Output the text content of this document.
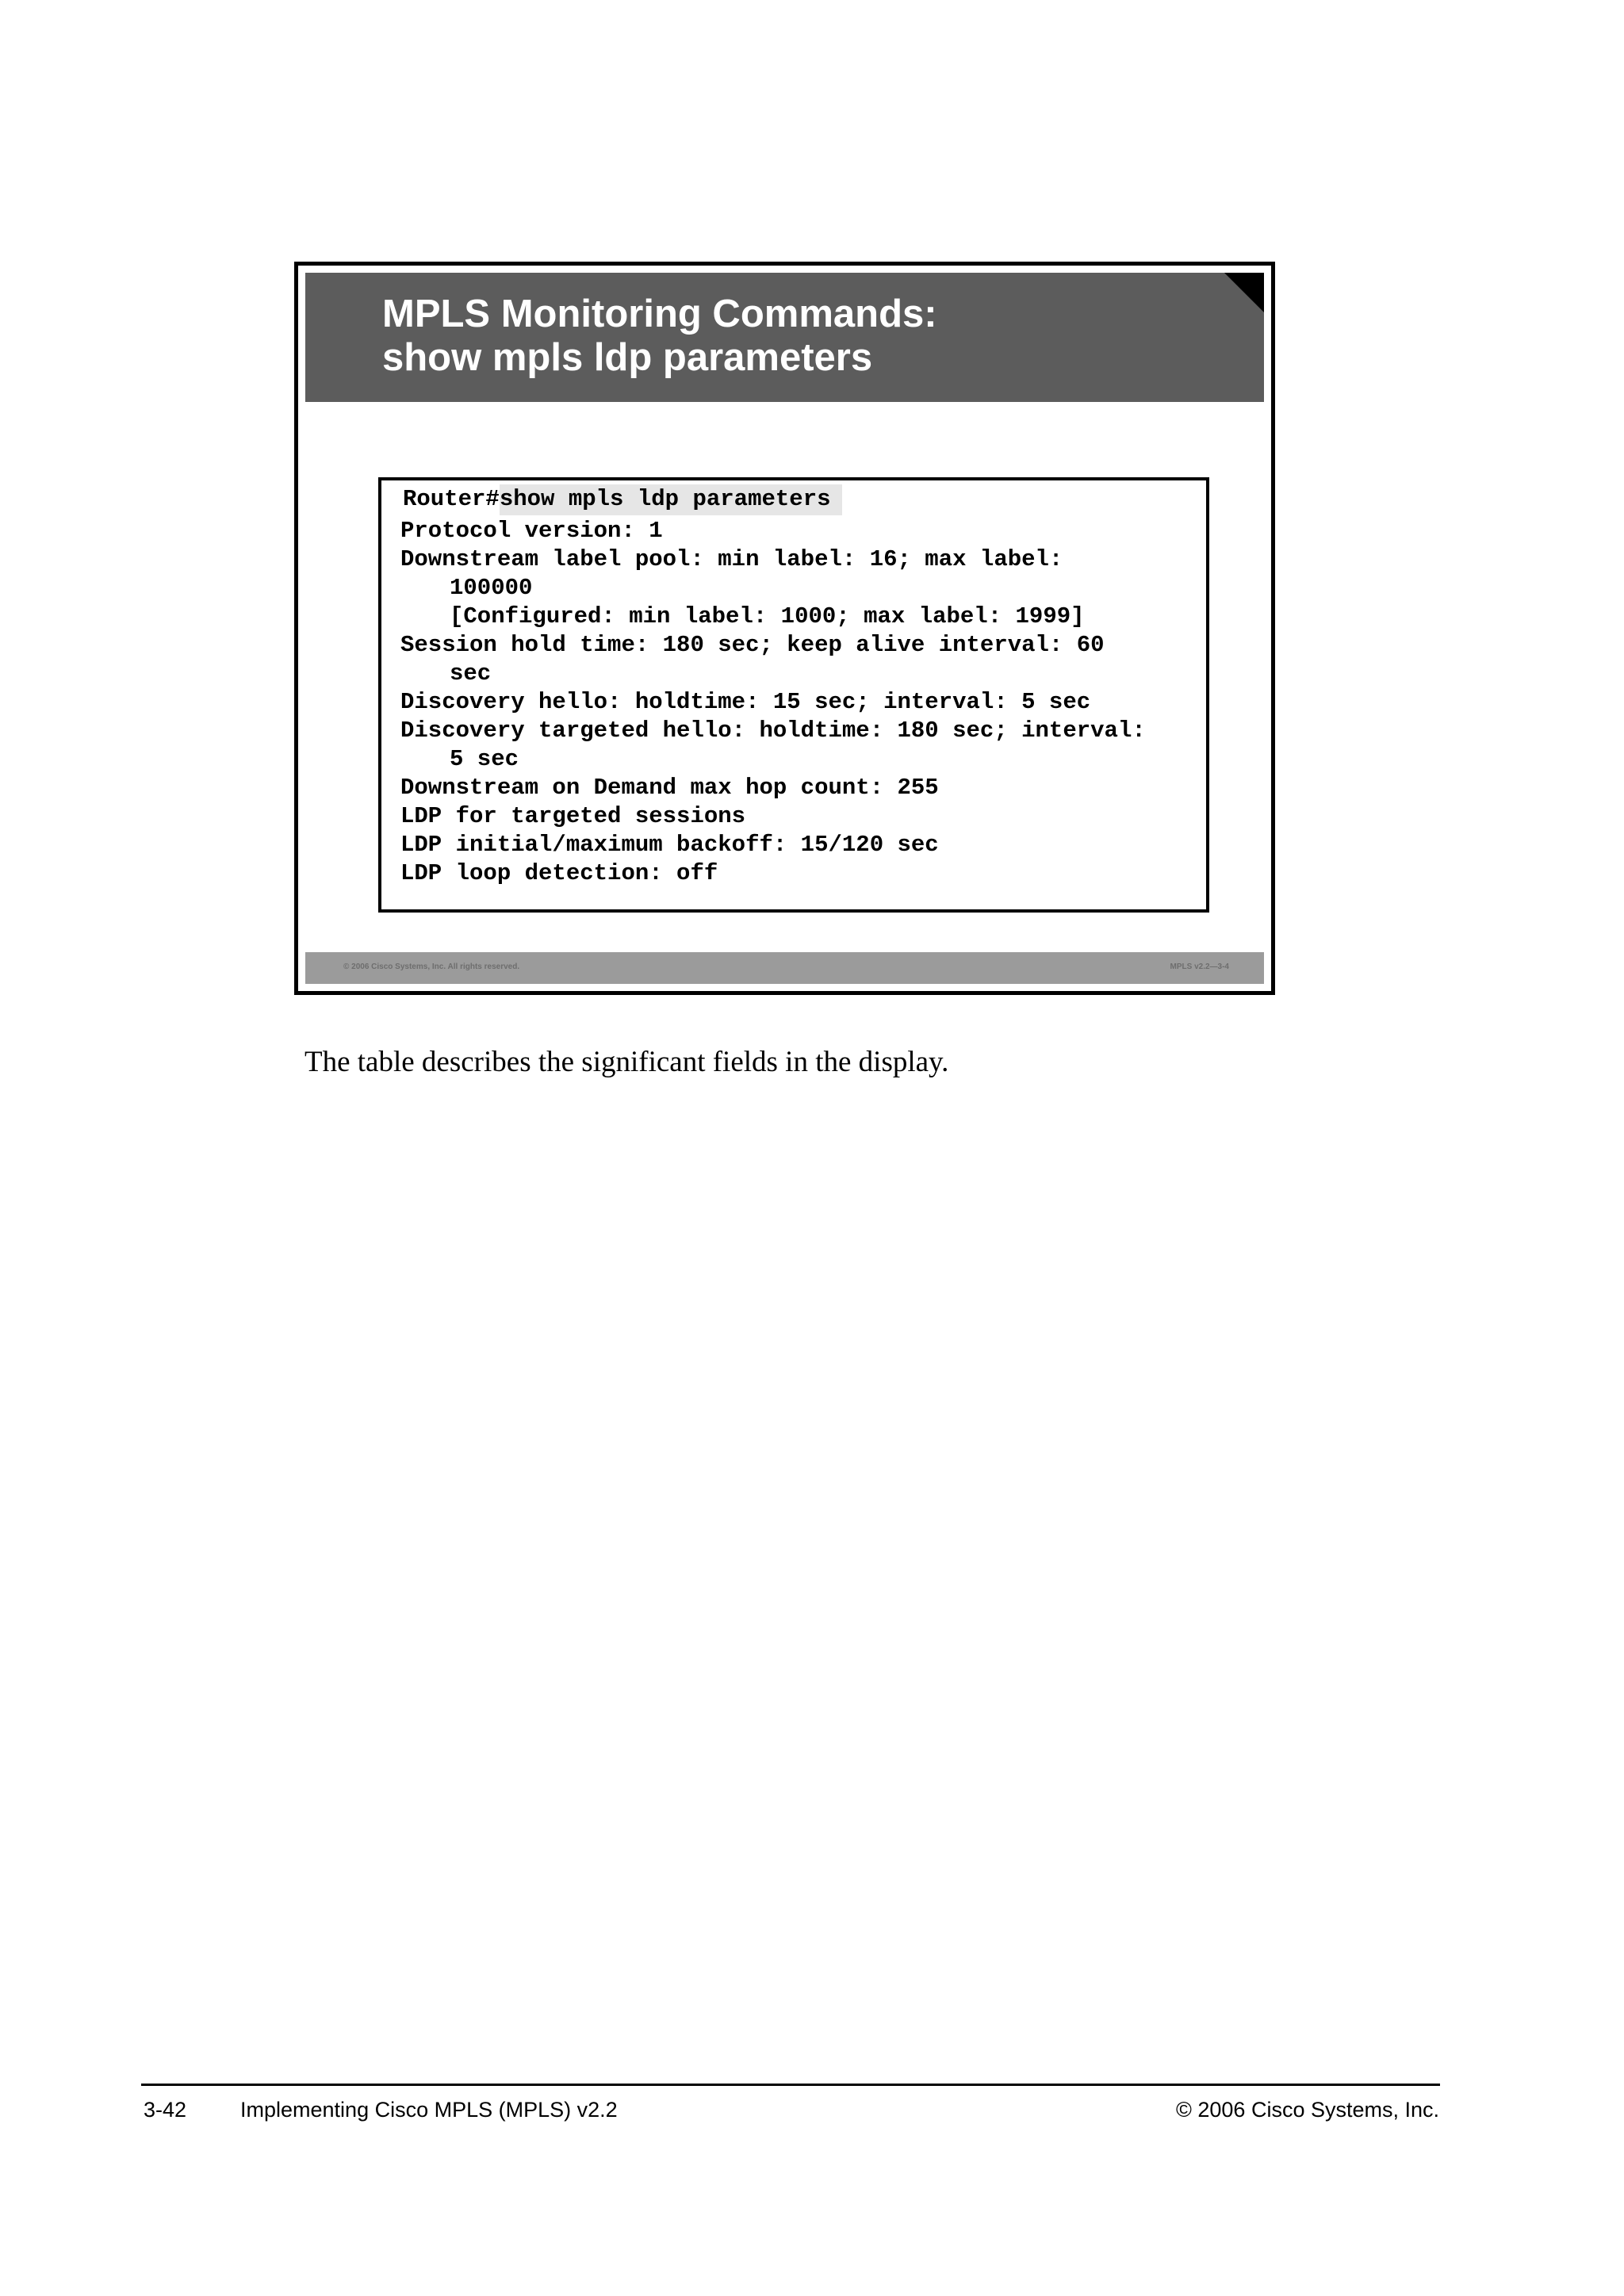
MPLS Monitoring Commands:
show mpls ldp parameters

Router#show mpls ldp parameters

Protocol version: 1

Downstream label pool: min label: 16; max label:

100000

[Configured: min label: 1000; max label: 1999]

Session hold time: 180 sec; keep alive interval: 60

sec

Discovery hello: holdtime: 15 sec; interval: 5 sec

Discovery targeted hello: holdtime: 180 sec; interval:

5 sec

Downstream on Demand max hop count: 255

LDP for targeted sessions

LDP initial/maximum backoff: 15/120 sec

LDP loop detection: off

© 2006 Cisco Systems, Inc. All rights reserved.	MPLS v2.2—3-4

The table describes the significant fields in the display.

3-42	Implementing Cisco MPLS (MPLS) v2.2	© 2006 Cisco Systems, Inc.
